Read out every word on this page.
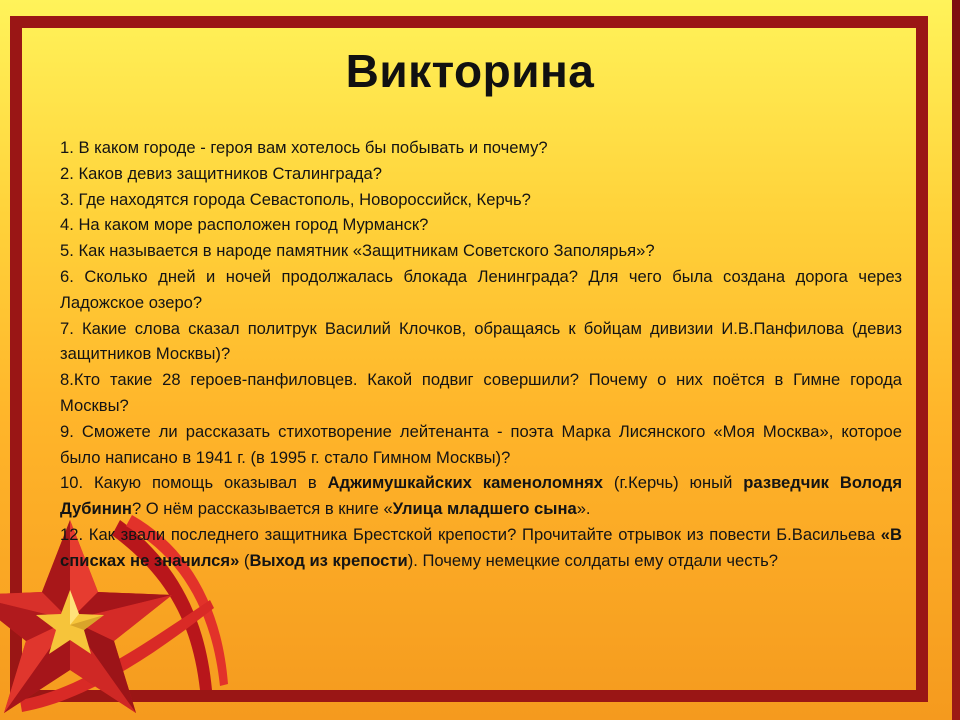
Викторина

1. В каком городе - героя вам хотелось бы побывать и почему?

2. Каков девиз защитников Сталинграда?

3. Где находятся города Севастополь, Новороссийск, Керчь?

4. На каком море расположен город Мурманск?

5. Как называется в народе памятник «Защитникам Советского Заполярья»?

6. Сколько дней и ночей продолжалась блокада Ленинграда? Для чего была создана дорога через Ладожское озеро?

7. Какие слова сказал политрук Василий Клочков, обращаясь к бойцам дивизии И.В.Панфилова (девиз защитников Москвы)?

8.Кто такие 28 героев-панфиловцев. Какой подвиг совершили? Почему о них поётся в Гимне города Москвы?

9. Сможете ли рассказать стихотворение лейтенанта - поэта Марка Лисянского «Моя Москва», которое было написано в 1941 г. (в 1995 г. стало Гимном Москвы)?

10. Какую помощь оказывал в Аджимушкайских каменоломнях (г.Керчь) юный разведчик Володя Дубинин? О нём рассказывается в книге «Улица младшего сына».

12. Как звали последнего защитника Брестской крепости? Прочитайте отрывок из повести Б.Васильева «В списках не значился» (Выход из крепости). Почему немецкие солдаты ему отдали честь?
